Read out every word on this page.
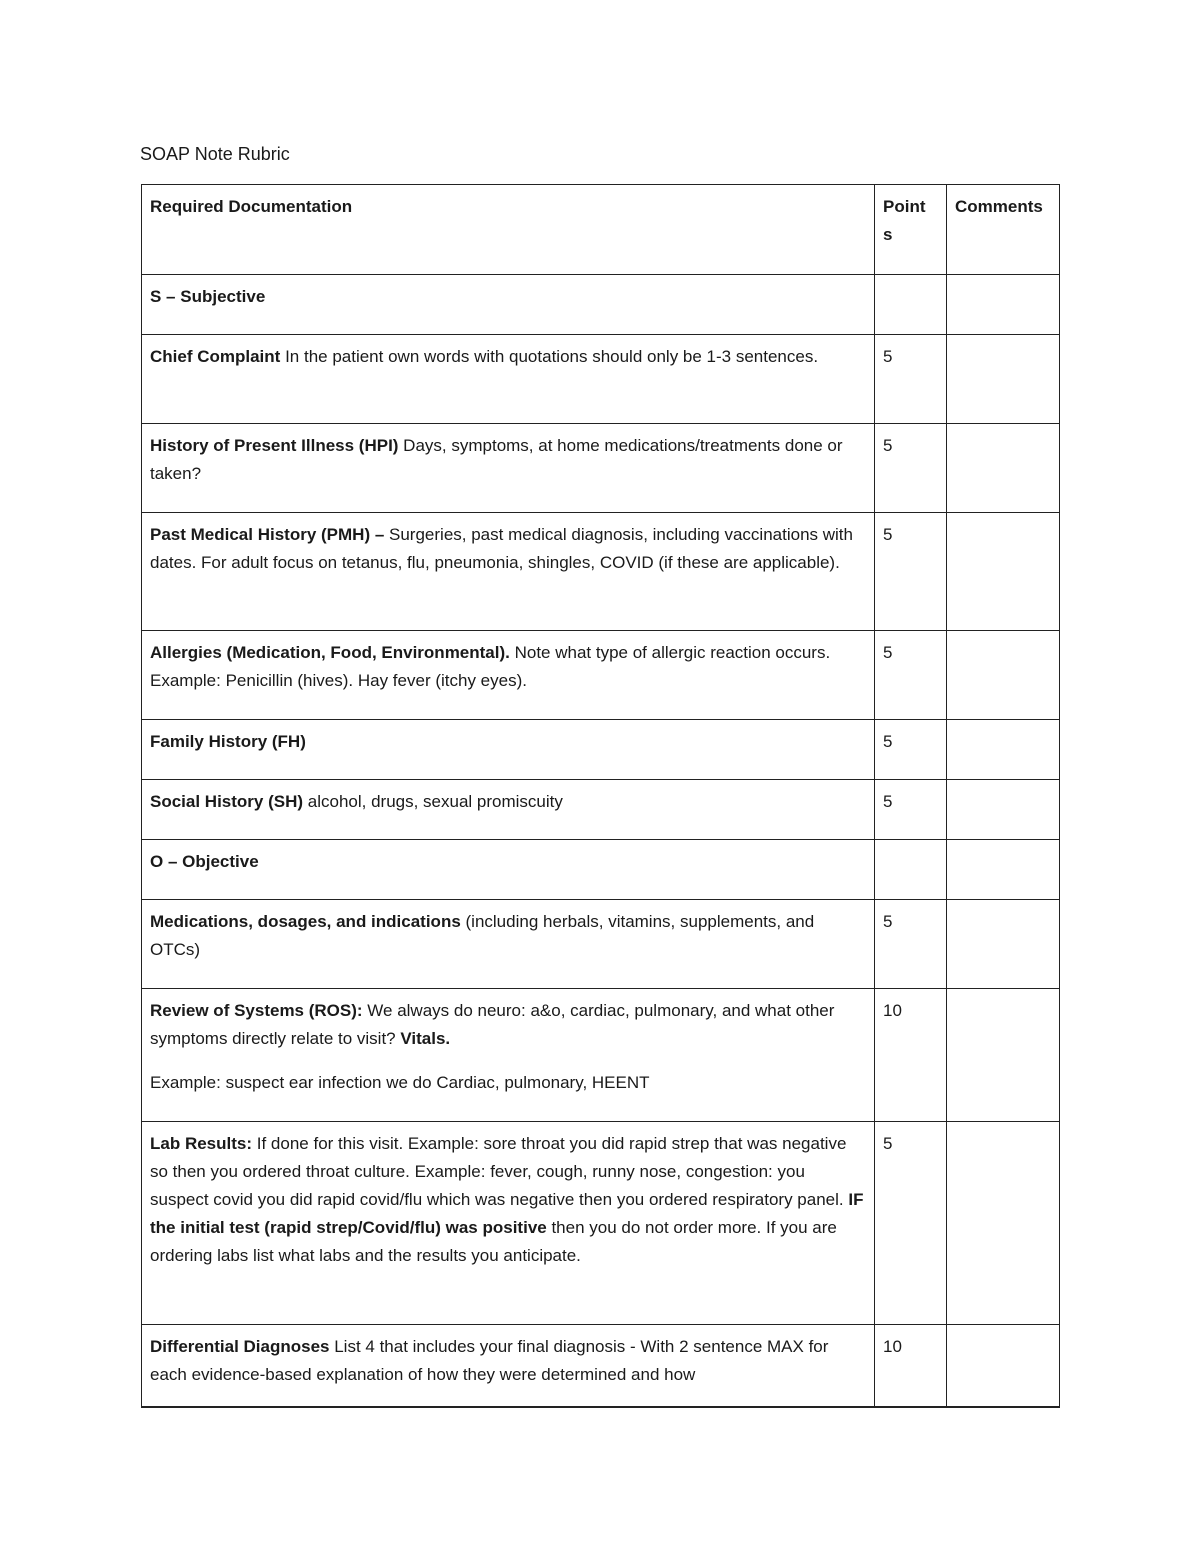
SOAP Note Rubric
Required Documentation	Point s	Comments
S – Subjective		
Chief Complaint In the patient own words with quotations should only be 1-3 sentences.	5	
History of Present Illness (HPI) Days, symptoms, at home medications/treatments done or taken?	5	
Past Medical History (PMH) – Surgeries, past medical diagnosis, including vaccinations with dates. For adult focus on tetanus, flu, pneumonia, shingles, COVID (if these are applicable).	5	
Allergies (Medication, Food, Environmental). Note what type of allergic reaction occurs. Example: Penicillin (hives). Hay fever (itchy eyes).	5	
Family History (FH)	5	
Social History (SH) alcohol, drugs, sexual promiscuity	5	
O – Objective		
Medications, dosages, and indications (including herbals, vitamins, supplements, and OTCs)	5	
Review of Systems (ROS): We always do neuro: a&o, cardiac, pulmonary, and what other symptoms directly relate to visit? Vitals.
Example: suspect ear infection we do Cardiac, pulmonary, HEENT	10	
Lab Results: If done for this visit. Example: sore throat you did rapid strep that was negative so then you ordered throat culture. Example: fever, cough, runny nose, congestion: you suspect covid you did rapid covid/flu which was negative then you ordered respiratory panel. IF the initial test (rapid strep/Covid/flu) was positive then you do not order more. If you are ordering labs list what labs and the results you anticipate.	5	
Differential Diagnoses List 4 that includes your final diagnosis - With 2 sentence MAX for each evidence-based explanation of how they were determined and how	10	
